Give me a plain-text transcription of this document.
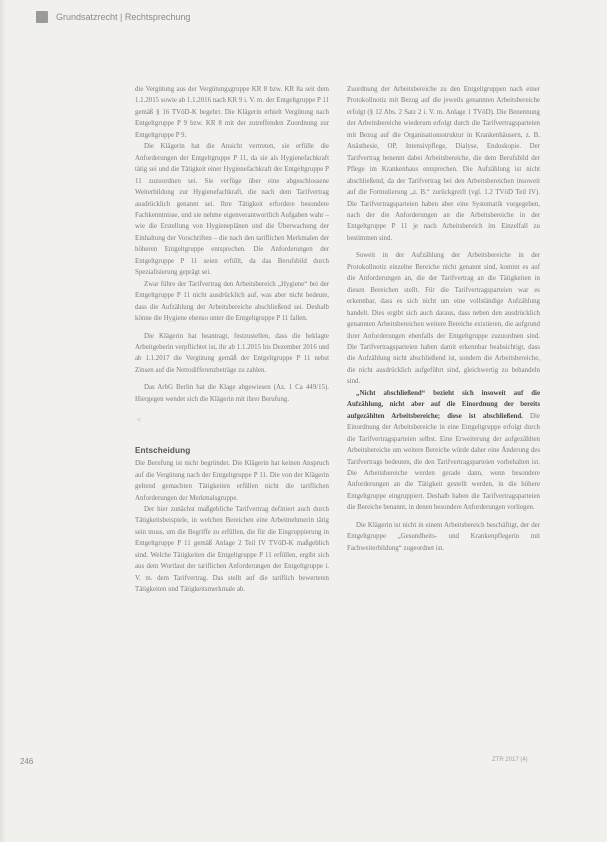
Grundsatzrecht | Rechtsprechung

die Vergütung aus der Vergütungsgruppe KR 8 bzw. KR 8a seit dem 1.1.2015 sowie ab 1.1.2016 nach KR 9 i. V. m. der Entgeltgruppe P 11 gemäß § 16 TVöD-K begehrt. Die Klägerin erhielt Vergütung nach Entgeltgruppe P 9 bzw. KR 8 mit der zutreffenden Zuordnung zur Entgeltgruppe P 9.

Die Klägerin hat die Ansicht vertreten, sie erfülle die Anforderungen der Entgeltgruppe P 11, da sie als Hygienefachkraft tätig sei und die Tätigkeit einer Hygienefachkraft der Entgeltgruppe P 11 zuzuordnen sei. Sie verfüge über eine abgeschlossene Weiterbildung zur Hygienefachkraft, die nach dem Tarifvertrag ausdrücklich genannt sei. Ihre Tätigkeit erfordere besondere Fachkenntnisse, und sie nehme eigenverantwortlich Aufgaben wahr – wie die Erstellung von Hygieneplänen und die Überwachung der Einhaltung der Vorschriften – die nach den tariflichen Merkmalen der höheren Entgeltgruppe entsprechen. Die Anforderungen der Entgeltgruppe P 11 seien erfüllt, da das Berufsbild durch Spezialisierung geprägt sei.

Zwar führe der Tarifvertrag den Arbeitsbereich „Hygiene“ bei der Entgeltgruppe P 11 nicht ausdrücklich auf, was aber nicht bedeute, dass die Aufzählung der Arbeitsbereiche abschließend sei. Deshalb könne die Hygiene ebenso unter die Entgeltgruppe P 11 fallen.

Die Klägerin hat beantragt, festzustellen, dass die beklagte Arbeitgeberin verpflichtet ist, ihr ab 1.1.2015 bis Dezember 2016 und ab 1.1.2017 die Vergütung gemäß der Entgeltgruppe P 11 nebst Zinsen auf die Nettodifferenzbeträge zu zahlen.

Das ArbG Berlin hat die Klage abgewiesen (Az. 1 Ca 449/15). Hiergegen wendet sich die Klägerin mit ihrer Berufung.

<
Entscheidung

Die Berufung ist nicht begründet. Die Klägerin hat keinen Anspruch auf die Vergütung nach der Entgeltgruppe P 11. Die von der Klägerin geltend gemachten Tätigkeiten erfüllen nicht die tariflichen Anforderungen der Merkmalsgruppe.

Der hier zunächst maßgebliche Tarifvertrag definiert auch durch Tätigkeitsbeispiele, in welchen Bereichen eine Arbeitnehmerin tätig sein muss, um die Begriffe zu erfüllen, die für die Eingruppierung in Entgeltgruppe P 11 gemäß Anlage 2 Teil IV TVöD-K maßgeblich sind. Welche Tätigkeiten die Entgeltgruppe P 11 erfüllen, ergibt sich aus dem Wortlaut der tariflichen Anforderungen der Entgeltgruppe i. V. m. dem Tarifvertrag. Das stellt auf die tariflich bewerteten Tätigkeiten und Tätigkeitsmerkmale ab.

Zuordnung der Arbeitsbereiche zu den Entgeltgruppen nach einer Protokollnotiz mit Bezug auf die jeweils genannten Arbeitsbereiche erfolgt (§ 12 Abs. 2 Satz 2 i. V. m. Anlage 1 TVöD). Die Benennung der Arbeitsbereiche wiederum erfolgt durch die Tarifvertragsparteien mit Bezug auf die Organisationsstruktur in Krankenhäusern, z. B. Anästhesie, OP, Intensivpflege, Dialyse, Endoskopie. Der Tarifvertrag benennt dabei Arbeitsbereiche, die dem Berufsbild der Pflege im Krankenhaus entsprechen. Die Aufzählung ist nicht abschließend, da der Tarifvertrag bei den Arbeitsbereichen insoweit auf die Formulierung „z. B.“ zurückgreift (vgl. 1.2 TVöD Teil IV). Die Tarifvertragsparteien haben aber eine Systematik vorgegeben, nach der die Anforderungen an die Arbeitsbereiche in der Entgeltgruppe P 11 je nach Arbeitsbereich im Einzelfall zu bestimmen sind.

Soweit in der Aufzählung der Arbeitsbereiche in der Protokollnotiz einzelne Bereiche nicht genannt sind, kommt es auf die Anforderungen an, die der Tarifvertrag an die Tätigkeiten in diesen Bereichen stellt. Für die Tarifvertragsparteien war es erkennbar, dass es sich nicht um eine vollständige Aufzählung handelt. Dies ergibt sich auch daraus, dass neben den ausdrücklich genannten Arbeitsbereichen weitere Bereiche existieren, die aufgrund ihrer Anforderungen ebenfalls der Entgeltgruppe zuzuordnen sind. Die Tarifvertragsparteien haben damit erkennbar beabsichtigt, dass die Aufzählung nicht abschließend ist, sondern die Arbeitsbereiche, die nicht ausdrücklich aufgeführt sind, gleichwertig zu behandeln sind.

„Nicht abschließend“ bezieht sich insoweit auf die Aufzählung, nicht aber auf die Einordnung der bereits aufgezählten Arbeitsbereiche; diese ist abschließend. Die Einordnung der Arbeitsbereiche in eine Entgeltgruppe erfolgt durch die Tarifvertragsparteien selbst. Eine Erweiterung der aufgezählten Arbeitsbereiche um weitere Bereiche würde daher eine Änderung des Tarifvertrags bedeuten, die den Tarifvertragsparteien vorbehalten ist. Die Arbeitsbereiche werden gerade dann, wenn besondere Anforderungen an die Tätigkeit gestellt werden, in die höhere Entgeltgruppe eingruppiert. Deshalb haben die Tarifvertragsparteien die Bereiche benannt, in denen besondere Anforderungen vorliegen.

Die Klägerin ist nicht in einem Arbeitsbereich beschäftigt, der der Entgeltgruppe „Gesundheits- und Krankenpflegerin mit Fachweiterbildung“ zugeordnet ist.

246	ZTR 2017 (4)
